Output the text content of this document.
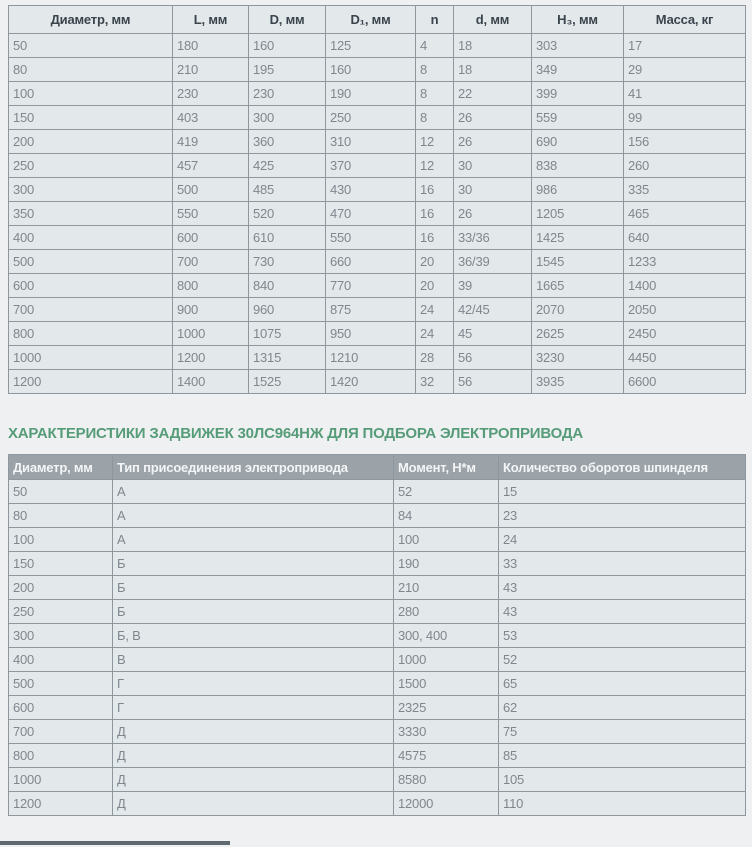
Диаметр, мм	L, мм	D, мм	D₁, мм	n	d, мм	H₃, мм	Масса, кг
50	180	160	125	4	18	303	17
80	210	195	160	8	18	349	29
100	230	230	190	8	22	399	41
150	403	300	250	8	26	559	99
200	419	360	310	12	26	690	156
250	457	425	370	12	30	838	260
300	500	485	430	16	30	986	335
350	550	520	470	16	26	1205	465
400	600	610	550	16	33/36	1425	640
500	700	730	660	20	36/39	1545	1233
600	800	840	770	20	39	1665	1400
700	900	960	875	24	42/45	2070	2050
800	1000	1075	950	24	45	2625	2450
1000	1200	1315	1210	28	56	3230	4450
1200	1400	1525	1420	32	56	3935	6600
ХАРАКТЕРИСТИКИ ЗАДВИЖЕК 30ЛС964НЖ ДЛЯ ПОДБОРА ЭЛЕКТРОПРИВОДА
Диаметр, мм	Тип присоединения электропривода	Момент, Н*м	Количество оборотов шпинделя
50	А	52	15
80	А	84	23
100	А	100	24
150	Б	190	33
200	Б	210	43
250	Б	280	43
300	Б, В	300, 400	53
400	В	1000	52
500	Г	1500	65
600	Г	2325	62
700	Д	3330	75
800	Д	4575	85
1000	Д	8580	105
1200	Д	12000	110
